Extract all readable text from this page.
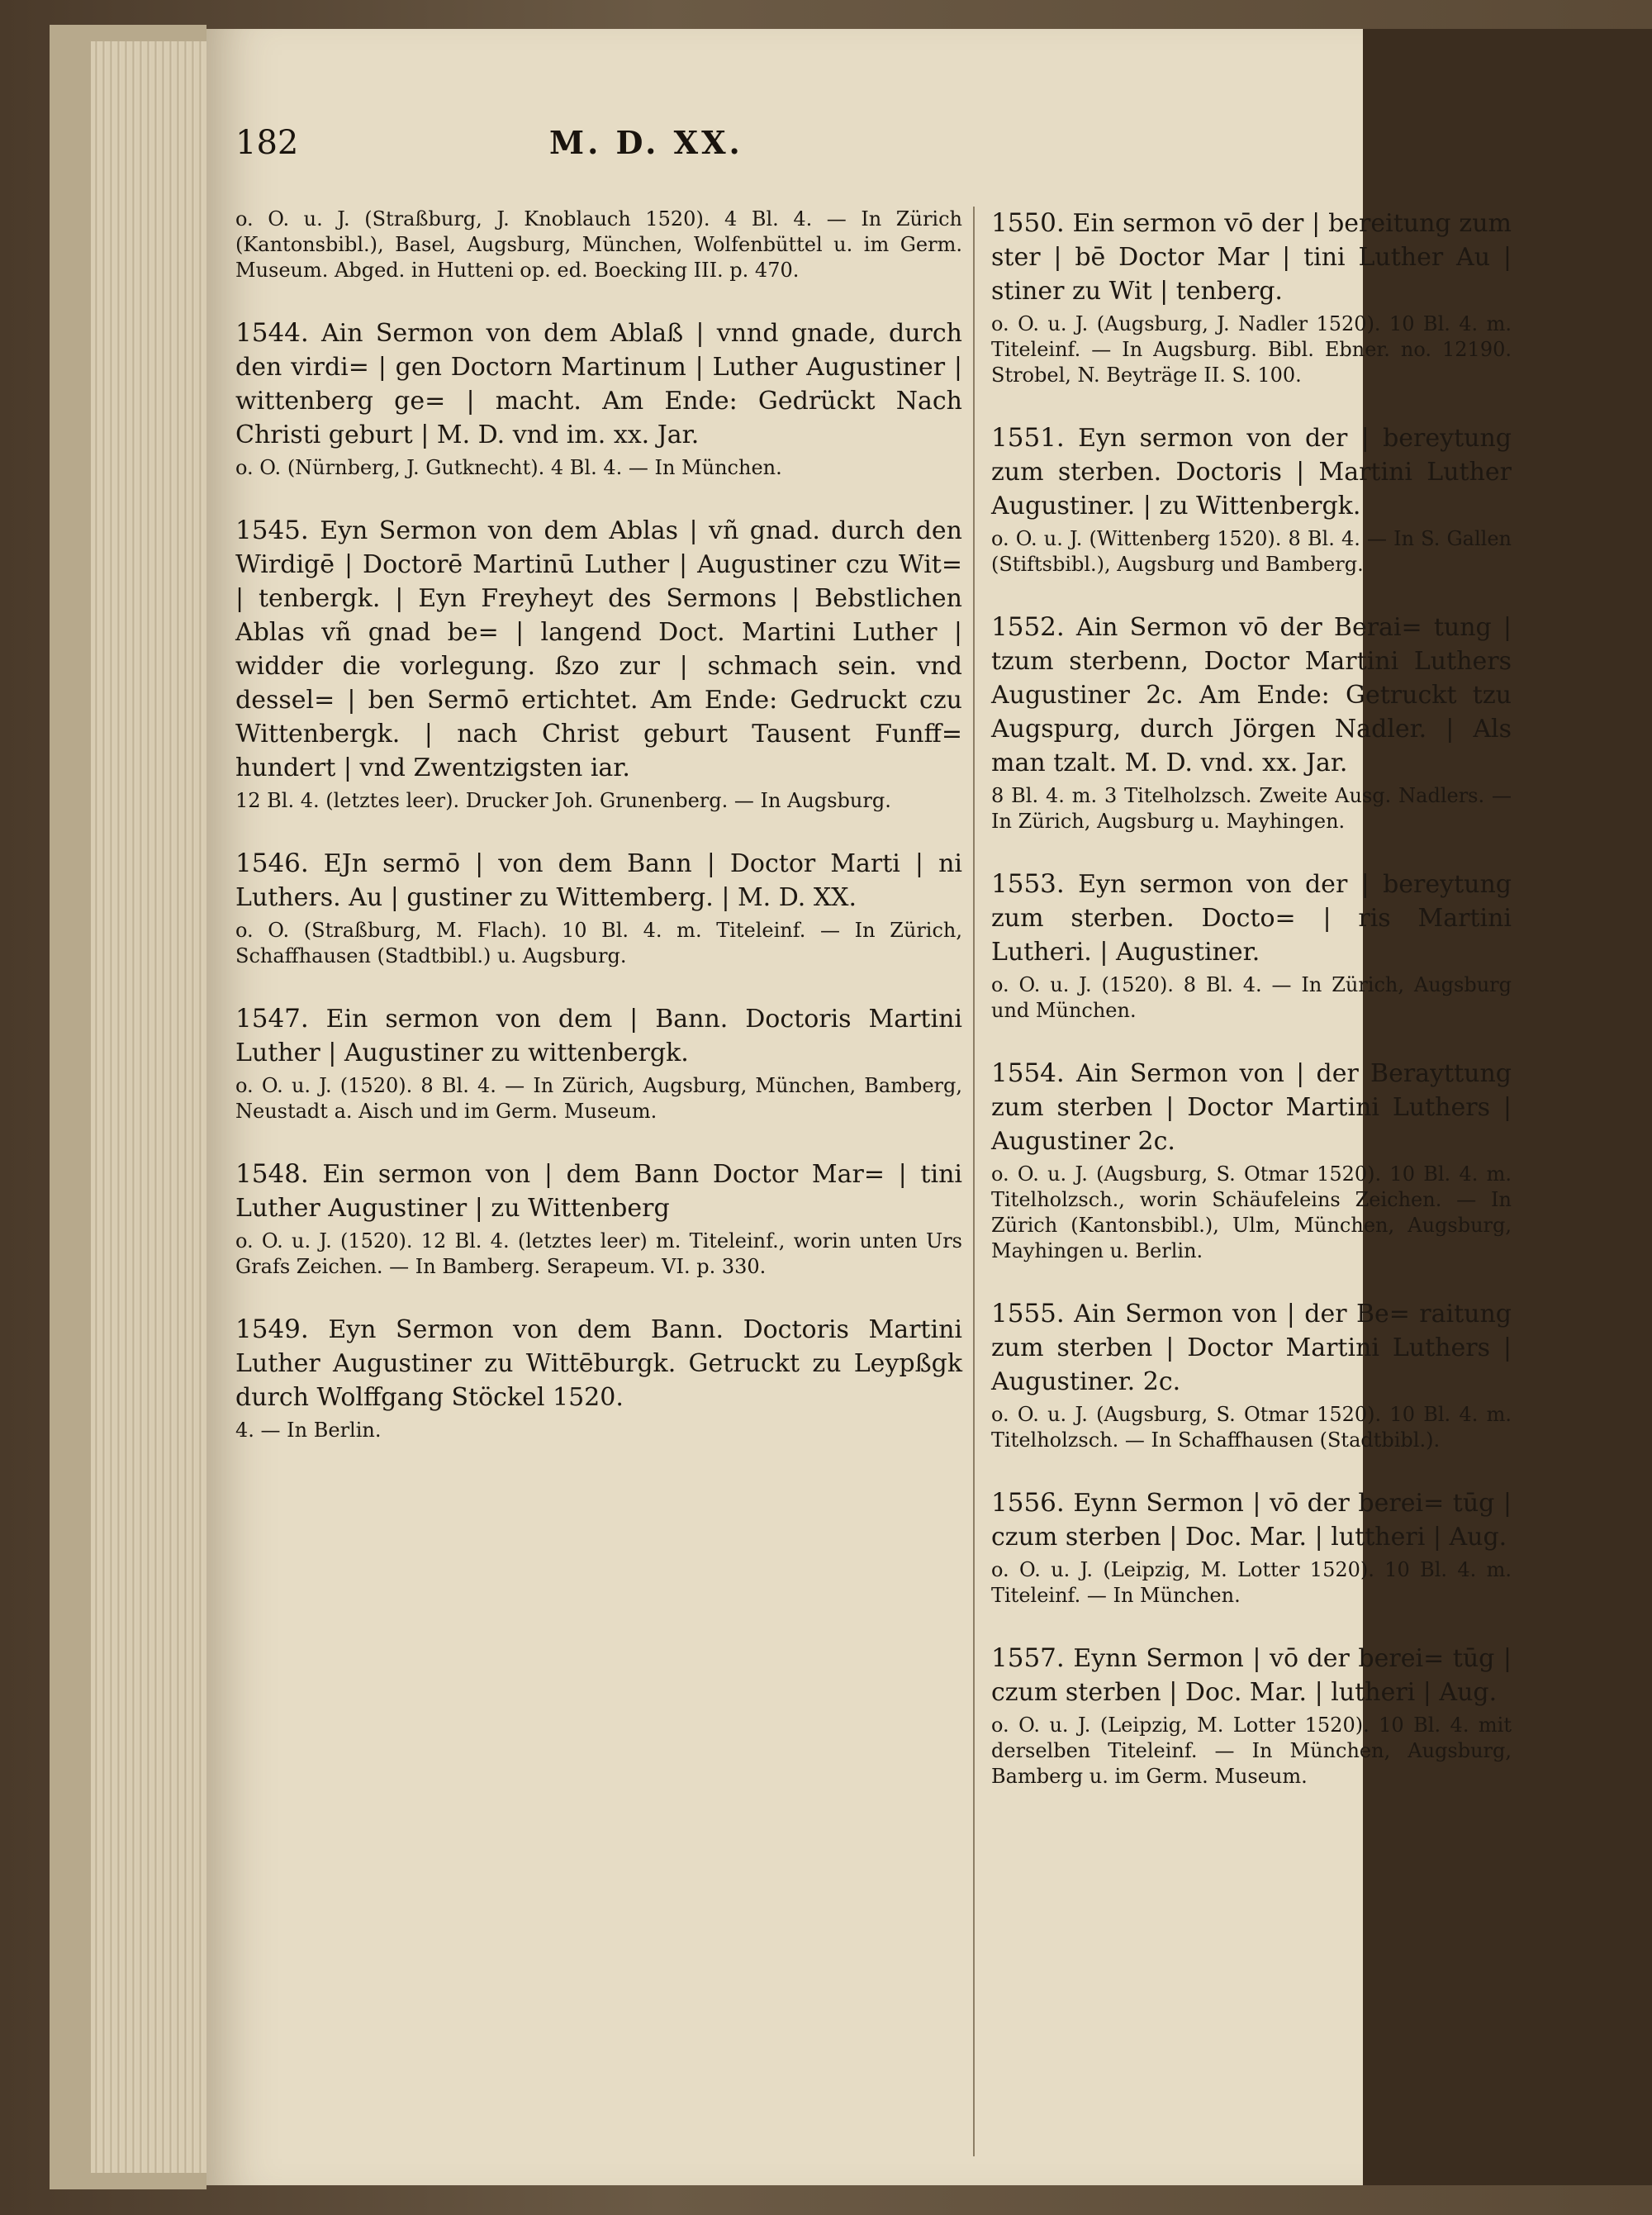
182	M. D. XX.
o. O. u. J. (Straßburg, J. Knoblauch 1520). 4 Bl. 4. — In Zürich (Kantonsbibl.), Basel, Augsburg, München, Wolfenbüttel u. im Germ. Museum. Abged. in Hutteni op. ed. Boecking III. p. 470.
1544. Ain Sermon von dem Ablaß | vnnd gnade, durch den virdi= | gen Doctorn Martinum | Luther Augustiner | wittenberg ge= | macht. Am Ende: Gedrückt Nach Christi geburt | M. D. vnd im. xx. Jar.
o. O. (Nürnberg, J. Gutknecht). 4 Bl. 4. — In München.
1545. Eyn Sermon von dem Ablas | vñ gnad. durch den Wirdigē | Doctorē Martinū Luther | Augustiner czu Wit= | tenbergk. | Eyn Freyheyt des Sermons | Bebstlichen Ablas vñ gnad be= | langend Doct. Martini Luther | widder die vorlegung. ßzo zur | schmach sein. vnd dessel= | ben Sermō ertichtet. Am Ende: Gedruckt czu Wittenbergk. | nach Christ geburt Tausent Funff= hundert | vnd Zwentzigsten iar.
12 Bl. 4. (letztes leer). Drucker Joh. Grunenberg. — In Augsburg.
1546. EJn sermō | von dem Bann | Doctor Marti | ni Luthers. Au | gustiner zu Wittemberg. | M. D. XX.
o. O. (Straßburg, M. Flach). 10 Bl. 4. m. Titeleinf. — In Zürich, Schaffhausen (Stadtbibl.) u. Augsburg.
1547. Ein sermon von dem | Bann. Doctoris Martini Luther | Augustiner zu wittenbergk.
o. O. u. J. (1520). 8 Bl. 4. — In Zürich, Augsburg, München, Bamberg, Neustadt a. Aisch und im Germ. Museum.
1548. Ein sermon von | dem Bann Doctor Mar= | tini Luther Augustiner | zu Wittenberg
o. O. u. J. (1520). 12 Bl. 4. (letztes leer) m. Titeleinf., worin unten Urs Grafs Zeichen. — In Bamberg. Serapeum. VI. p. 330.
1549. Eyn Sermon von dem Bann. Doctoris Martini Luther Augustiner zu Wittēburgk. Getruckt zu Leypßgk durch Wolffgang Stöckel 1520.
4. — In Berlin.
1550. Ein sermon vō der | bereitung zum ster | bē Doctor Mar | tini Luther Au | stiner zu Wit | tenberg.
o. O. u. J. (Augsburg, J. Nadler 1520). 10 Bl. 4. m. Titeleinf. — In Augsburg. Bibl. Ebner. no. 12190. Strobel, N. Beyträge II. S. 100.
1551. Eyn sermon von der | bereytung zum sterben. Doctoris | Martini Luther Augustiner. | zu Wittenbergk.
o. O. u. J. (Wittenberg 1520). 8 Bl. 4. — In S. Gallen (Stiftsbibl.), Augsburg und Bamberg.
1552. Ain Sermon vō der Berai= tung | tzum sterbenn, Doctor Martini Luthers Augustiner 2c. Am Ende: Getruckt tzu Augspurg, durch Jörgen Nadler. | Als man tzalt. M. D. vnd. xx. Jar.
8 Bl. 4. m. 3 Titelholzsch. Zweite Ausg. Nadlers. — In Zürich, Augsburg u. Mayhingen.
1553. Eyn sermon von der | bereytung zum sterben. Docto= | ris Martini Lutheri. | Augustiner.
o. O. u. J. (1520). 8 Bl. 4. — In Zürich, Augsburg und München.
1554. Ain Sermon von | der Berayttung zum sterben | Doctor Martini Luthers | Augustiner 2c.
o. O. u. J. (Augsburg, S. Otmar 1520). 10 Bl. 4. m. Titelholzsch., worin Schäufeleins Zeichen. — In Zürich (Kantonsbibl.), Ulm, München, Augsburg, Mayhingen u. Berlin.
1555. Ain Sermon von | der Be= raitung zum sterben | Doctor Martini Luthers | Augustiner. 2c.
o. O. u. J. (Augsburg, S. Otmar 1520). 10 Bl. 4. m. Titelholzsch. — In Schaffhausen (Stadtbibl.).
1556. Eynn Sermon | vō der berei= tūg | czum sterben | Doc. Mar. | luttheri | Aug.
o. O. u. J. (Leipzig, M. Lotter 1520). 10 Bl. 4. m. Titeleinf. — In München.
1557. Eynn Sermon | vō der berei= tūg | czum sterben | Doc. Mar. | lutheri | Aug.
o. O. u. J. (Leipzig, M. Lotter 1520). 10 Bl. 4. mit derselben Titeleinf. — In München, Augsburg, Bamberg u. im Germ. Museum.
